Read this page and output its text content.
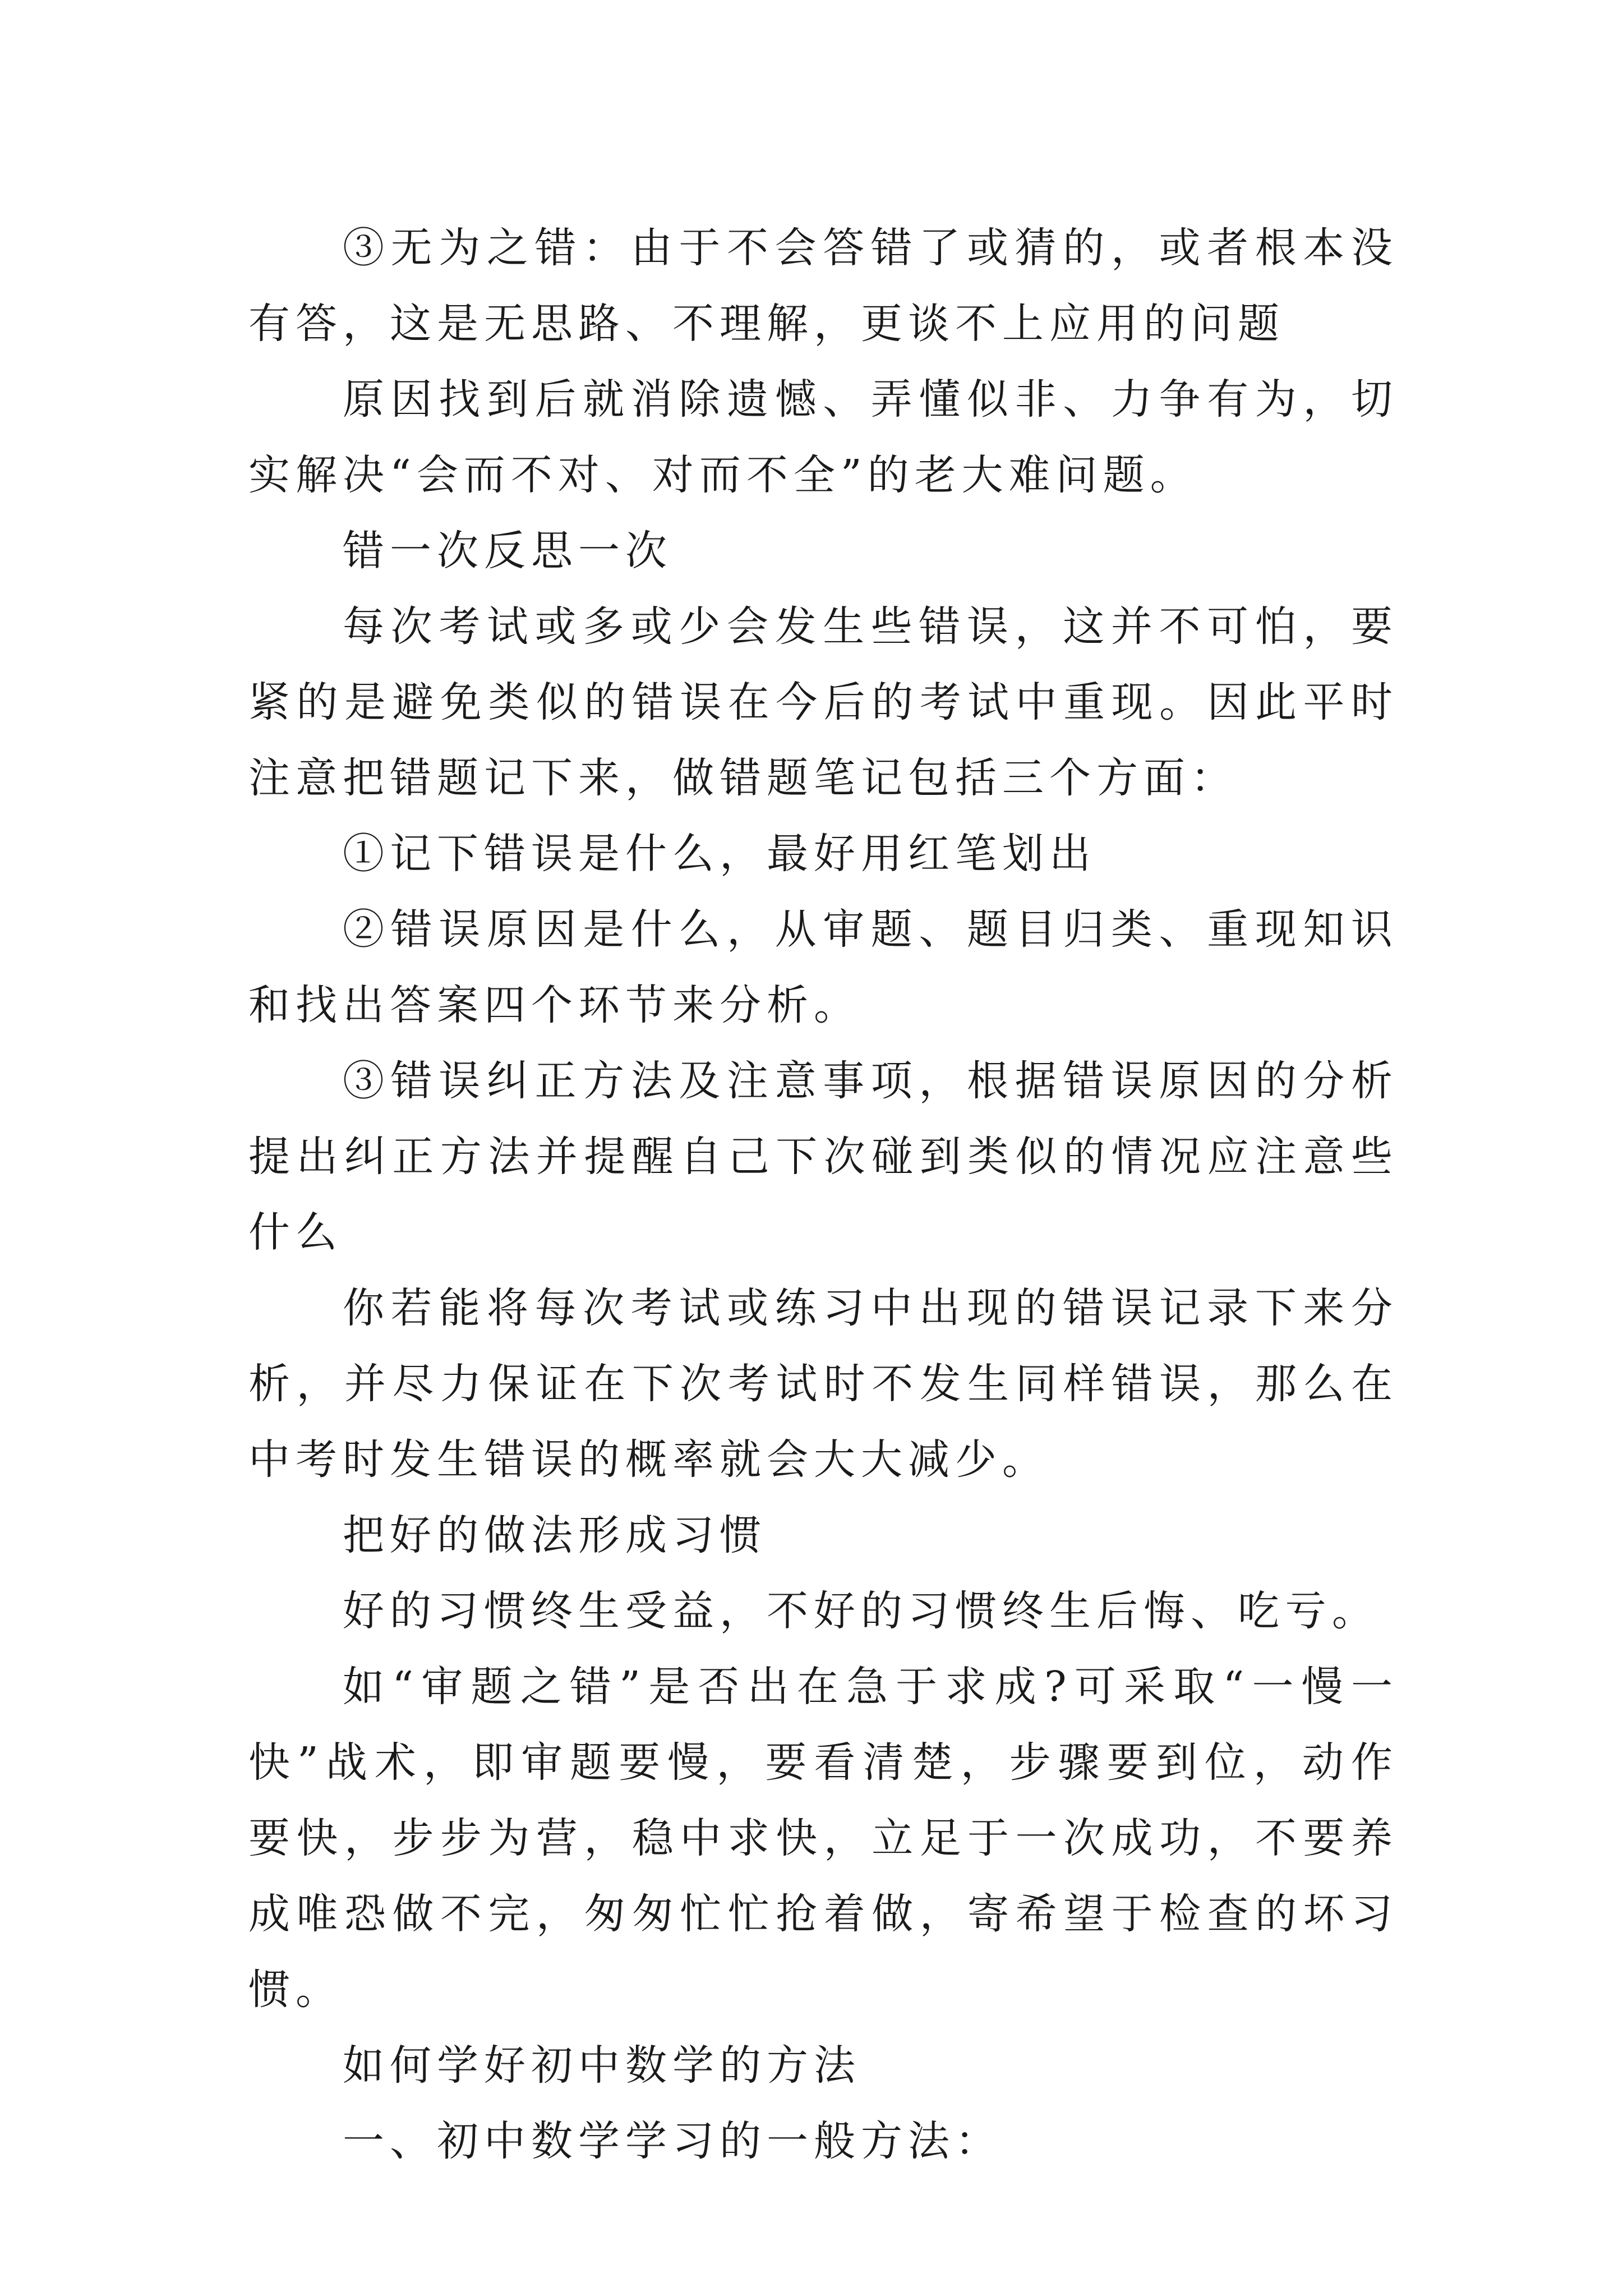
③无为之错：由于不会答错了或猜的，或者根本没有答，这是无思路、不理解，更谈不上应用的问题

原因找到后就消除遗憾、弄懂似非、力争有为，切实解决“会而不对、对而不全”的老大难问题。

错一次反思一次

每次考试或多或少会发生些错误，这并不可怕，要紧的是避免类似的错误在今后的考试中重现。因此平时注意把错题记下来，做错题笔记包括三个方面：

①记下错误是什么，最好用红笔划出

②错误原因是什么，从审题、题目归类、重现知识和找出答案四个环节来分析。

③错误纠正方法及注意事项，根据错误原因的分析提出纠正方法并提醒自己下次碰到类似的情况应注意些什么

你若能将每次考试或练习中出现的错误记录下来分析，并尽力保证在下次考试时不发生同样错误，那么在中考时发生错误的概率就会大大减少。

把好的做法形成习惯

好的习惯终生受益，不好的习惯终生后悔、吃亏。

如“审题之错”是否出在急于求成?可采取“一慢一快”战术，即审题要慢，要看清楚，步骤要到位，动作要快，步步为营，稳中求快，立足于一次成功，不要养成唯恐做不完，匆匆忙忙抢着做，寄希望于检查的坏习惯。

如何学好初中数学的方法

一、初中数学学习的一般方法：
